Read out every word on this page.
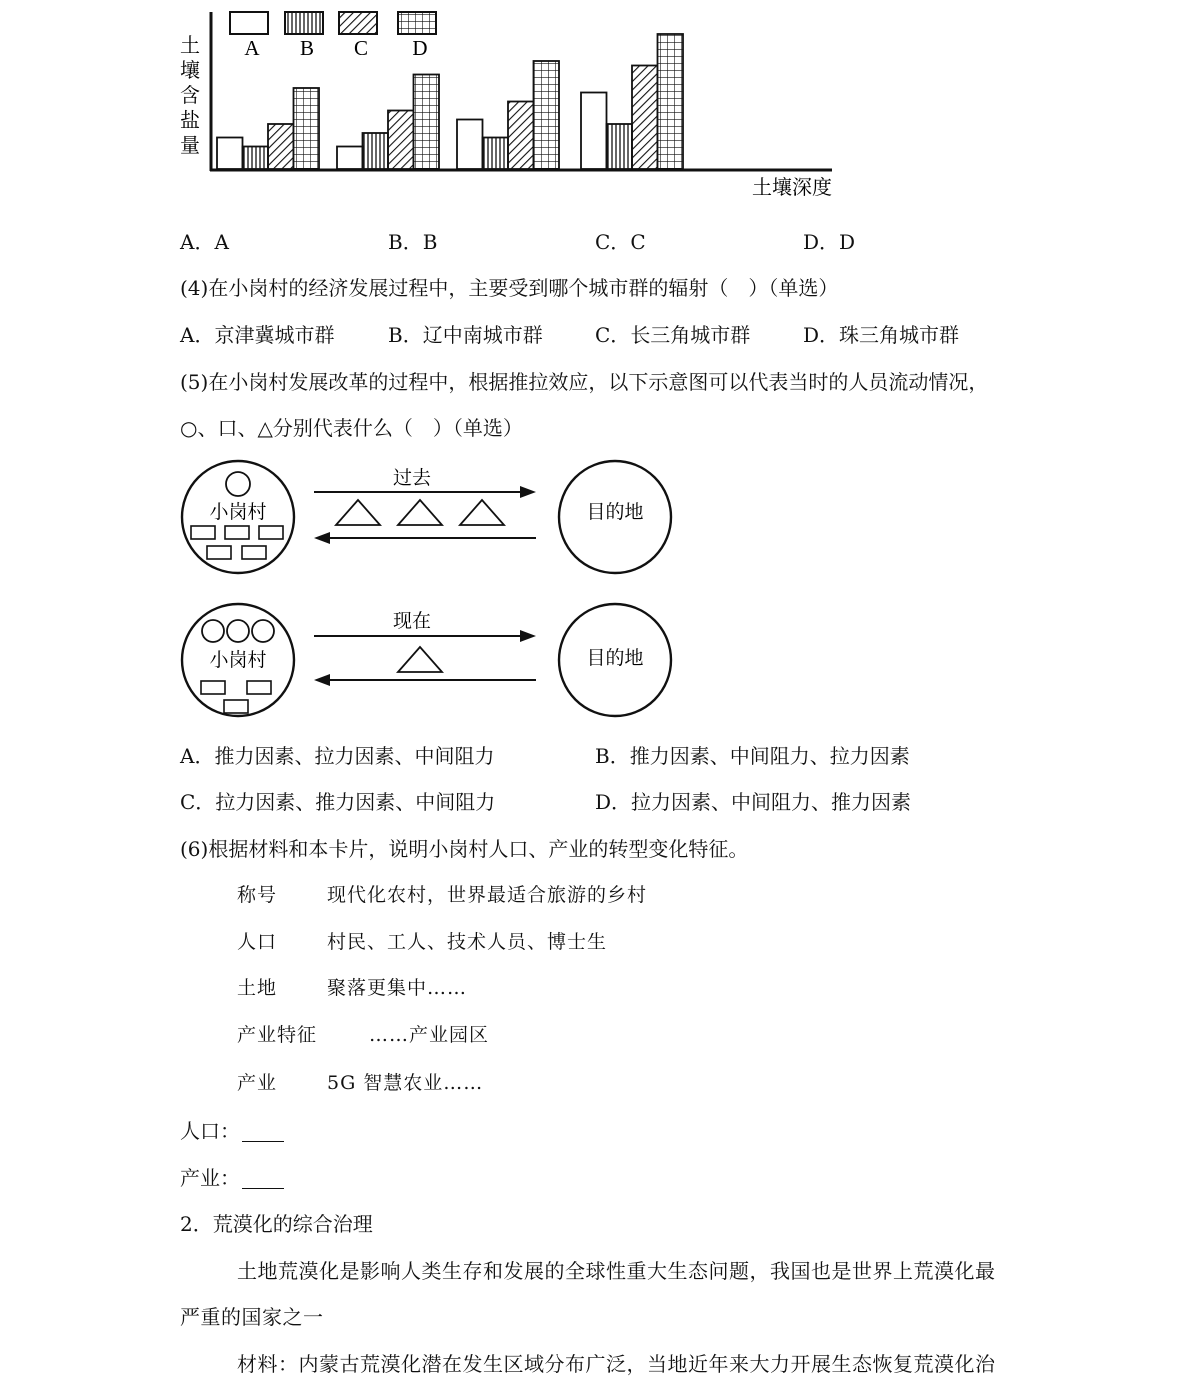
土壤含盐量
土壤深度
A B C D
A．A	B．B	C．C	D．D
(4)在小岗村的经济发展过程中，主要受到哪个城市群的辐射（　）（单选）
A．京津冀城市群	B．辽中南城市群	C．长三角城市群	D．珠三角城市群
(5)在小岗村发展改革的过程中，根据推拉效应，以下示意图可以代表当时的人员流动情况，
○、口、△分别代表什么（　）（单选）
小岗村
过去
目的地
小岗村
现在
目的地
A．推力因素、拉力因素、中间阻力	B．推力因素、中间阻力、拉力因素
C．拉力因素、推力因素、中间阻力	D．拉力因素、中间阻力、推力因素
(6)根据材料和本卡片，说明小岗村人口、产业的转型变化特征。
称号	现代化农村，世界最适合旅游的乡村
人口	村民、工人、技术人员、博士生
土地	聚落更集中……
产业特征	……产业园区
产业	5G 智慧农业……
人口：
产业：
2．荒漠化的综合治理
土地荒漠化是影响人类生存和发展的全球性重大生态问题，我国也是世界上荒漠化最
严重的国家之一
材料：内蒙古荒漠化潜在发生区域分布广泛，当地近年来大力开展生态恢复荒漠化治
